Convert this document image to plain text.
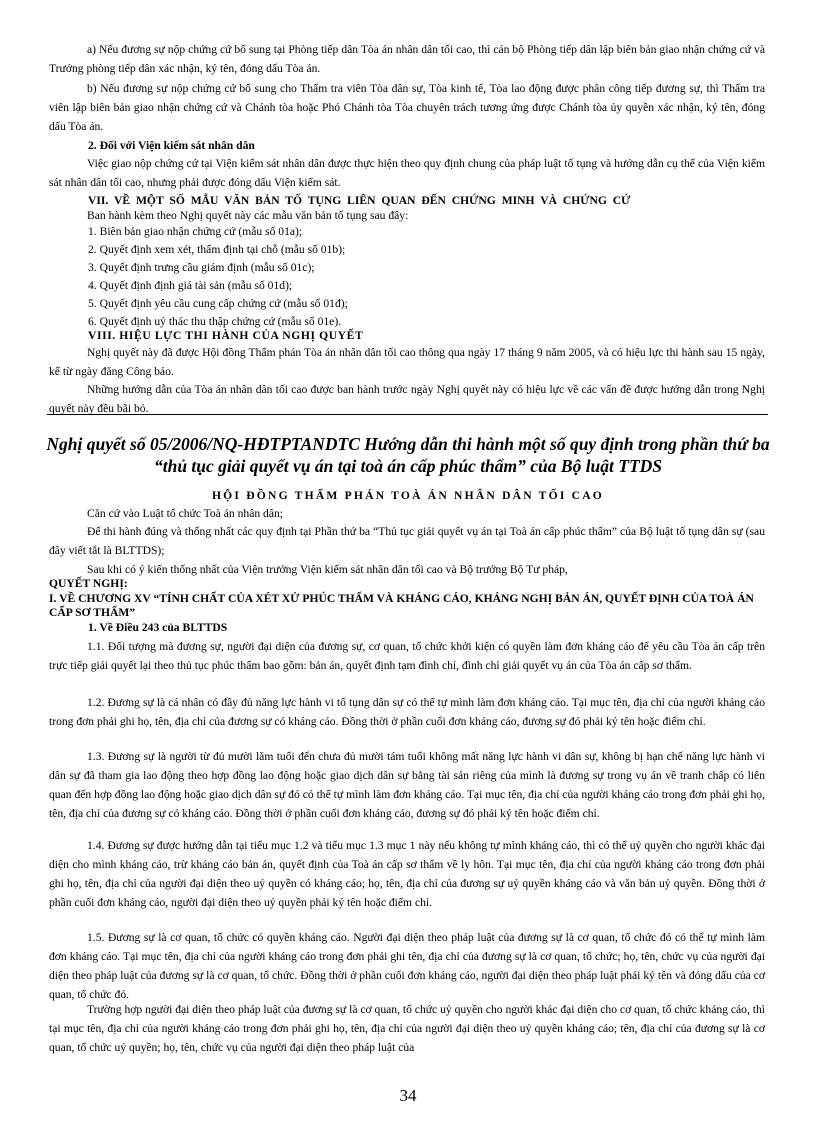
a) Nếu đương sự nộp chứng cứ bổ sung tại Phòng tiếp dân Tòa án nhân dân tối cao, thì cán bộ Phòng tiếp dân lập biên bản giao nhận chứng cứ và Trưởng phòng tiếp dân xác nhận, ký tên, đóng dấu Tòa án.
b) Nếu đương sự nộp chứng cứ bổ sung cho Thẩm tra viên Tòa dân sự, Tòa kinh tế, Tòa lao động được phân công tiếp đương sự, thì Thẩm tra viên lập biên bản giao nhận chứng cứ và Chánh tòa hoặc Phó Chánh tòa Tòa chuyên trách tương ứng được Chánh tòa ủy quyền xác nhận, ký tên, đóng dấu Tòa án.
2. Đối với Viện kiểm sát nhân dân
Việc giao nộp chứng cứ tại Viện kiểm sát nhân dân được thực hiện theo quy định chung của pháp luật tố tụng và hướng dẫn cụ thể của Viện kiểm sát nhân dân tối cao, nhưng phải được đóng dấu Viện kiểm sát.
VII. VỀ MỘT SỐ MẪU VĂN BẢN TỐ TỤNG LIÊN QUAN ĐẾN CHỨNG MINH VÀ CHỨNG CỨ
Ban hành kèm theo Nghị quyết này các mẫu văn bản tố tụng sau đây:
1. Biên bản giao nhận chứng cứ (mẫu số 01a);
2. Quyết định xem xét, thẩm định tại chỗ (mẫu số 01b);
3. Quyết định trưng cầu giám định (mẫu số 01c);
4. Quyết định định giá tài sản (mẫu số 01d);
5. Quyết định yêu cầu cung cấp chứng cứ (mẫu số 01đ);
6. Quyết định uỷ thác thu thập chứng cứ (mẫu số 01e).
VIII. HIỆU LỰC THI HÀNH CỦA NGHỊ QUYẾT
Nghị quyết này đã được Hội đồng Thẩm phán Tòa án nhân dân tối cao thông qua ngày 17 tháng 9 năm 2005, và có hiệu lực thi hành sau 15 ngày, kể từ ngày đăng Công báo.
Những hướng dẫn của Tòa án nhân dân tối cao được ban hành trước ngày Nghị quyết này có hiệu lực về các vấn đề được hướng dẫn trong Nghị quyết này đều bãi bỏ.
Nghị quyết số 05/2006/NQ-HĐTPTANDTC Hướng dẫn thi hành một số quy định trong phần thứ ba “thủ tục giải quyết vụ án tại toà án cấp phúc thẩm” của Bộ luật TTDS
HỘI ĐỒNG THẨM PHÁN TOÀ ÁN NHÂN DÂN TỐI CAO
Căn cứ vào Luật tổ chức Toà án nhân dân;
Để thi hành đúng và thống nhất các quy định tại Phần thứ ba “Thủ tục giải quyết vụ án tại Toà án cấp phúc thẩm” của Bộ luật tố tụng dân sự (sau đây viết tắt là BLTTDS);
Sau khi có ý kiến thống nhất của Viện trưởng Viện kiểm sát nhân dân tối cao và Bộ trưởng Bộ Tư pháp,
QUYẾT NGHỊ:
I. VỀ CHƯƠNG XV “TÍNH CHẤT CỦA XÉT XỬ PHÚC THẨM VÀ KHÁNG CÁO, KHÁNG NGHỊ BẢN ÁN, QUYẾT ĐỊNH CỦA TOÀ ÁN CẤP SƠ THẨM”
1. Về Điều 243 của BLTTDS
1.1. Đối tượng mà đương sự, người đại diện của đương sự, cơ quan, tổ chức khởi kiện có quyền làm đơn kháng cáo để yêu cầu Tòa án cấp trên trực tiếp giải quyết lại theo thủ tục phúc thẩm bao gồm: bản án, quyết định tạm đình chỉ, đình chỉ giải quyết vụ án của Tòa án cấp sơ thẩm.
1.2. Đương sự là cá nhân có đầy đủ năng lực hành vi tố tụng dân sự có thể tự mình làm đơn kháng cáo. Tại mục tên, địa chỉ của người kháng cáo trong đơn phải ghi họ, tên, địa chỉ của đương sự có kháng cáo. Đồng thời ở phần cuối đơn kháng cáo, đương sự đó phải ký tên hoặc điểm chỉ.
1.3. Đương sự là người từ đủ mười lăm tuổi đến chưa đủ mười tám tuổi không mất năng lực hành vi dân sự, không bị hạn chế năng lực hành vi dân sự đã tham gia lao động theo hợp đồng lao động hoặc giao dịch dân sự bằng tài sản riêng của mình là đương sự trong vụ án về tranh chấp có liên quan đến hợp đồng lao động hoặc giao dịch dân sự đó có thể tự mình làm đơn kháng cáo. Tại mục tên, địa chỉ của người kháng cáo trong đơn phải ghi họ, tên, địa chỉ của đương sự có kháng cáo. Đồng thời ở phần cuối đơn kháng cáo, đương sự đó phải ký tên hoặc điểm chỉ.
1.4. Đương sự được hướng dẫn tại tiểu mục 1.2 và tiểu mục 1.3 mục 1 này nếu không tự mình kháng cáo, thì có thể uỷ quyền cho người khác đại diện cho mình kháng cáo, trừ kháng cáo bản án, quyết định của Toà án cấp sơ thẩm về ly hôn. Tại mục tên, địa chỉ của người kháng cáo trong đơn phải ghi họ, tên, địa chỉ của người đại diện theo uỷ quyền có kháng cáo; họ, tên, địa chỉ của đương sự uỷ quyền kháng cáo và văn bản uỷ quyền. Đồng thời ở phần cuối đơn kháng cáo, người đại diện theo uỷ quyền phải ký tên hoặc điểm chỉ.
1.5. Đương sự là cơ quan, tổ chức có quyền kháng cáo. Người đại diện theo pháp luật của đương sự là cơ quan, tổ chức đó có thể tự mình làm đơn kháng cáo. Tại mục tên, địa chỉ của người kháng cáo trong đơn phải ghi tên, địa chỉ của đương sự là cơ quan, tổ chức; họ, tên, chức vụ của người đại diện theo pháp luật của đương sự là cơ quan, tổ chức. Đồng thời ở phần cuối đơn kháng cáo, người đại diện theo pháp luật phải ký tên và đóng dấu của cơ quan, tổ chức đó.
Trường hợp người đại diện theo pháp luật của đương sự là cơ quan, tổ chức uỷ quyền cho người khác đại diện cho cơ quan, tổ chức kháng cáo, thì tại mục tên, địa chỉ của người kháng cáo trong đơn phải ghi họ, tên, địa chỉ của người đại diện theo uỷ quyền kháng cáo; tên, địa chỉ của đương sự là cơ quan, tổ chức uỷ quyền; họ, tên, chức vụ của người đại diện theo pháp luật của
34
